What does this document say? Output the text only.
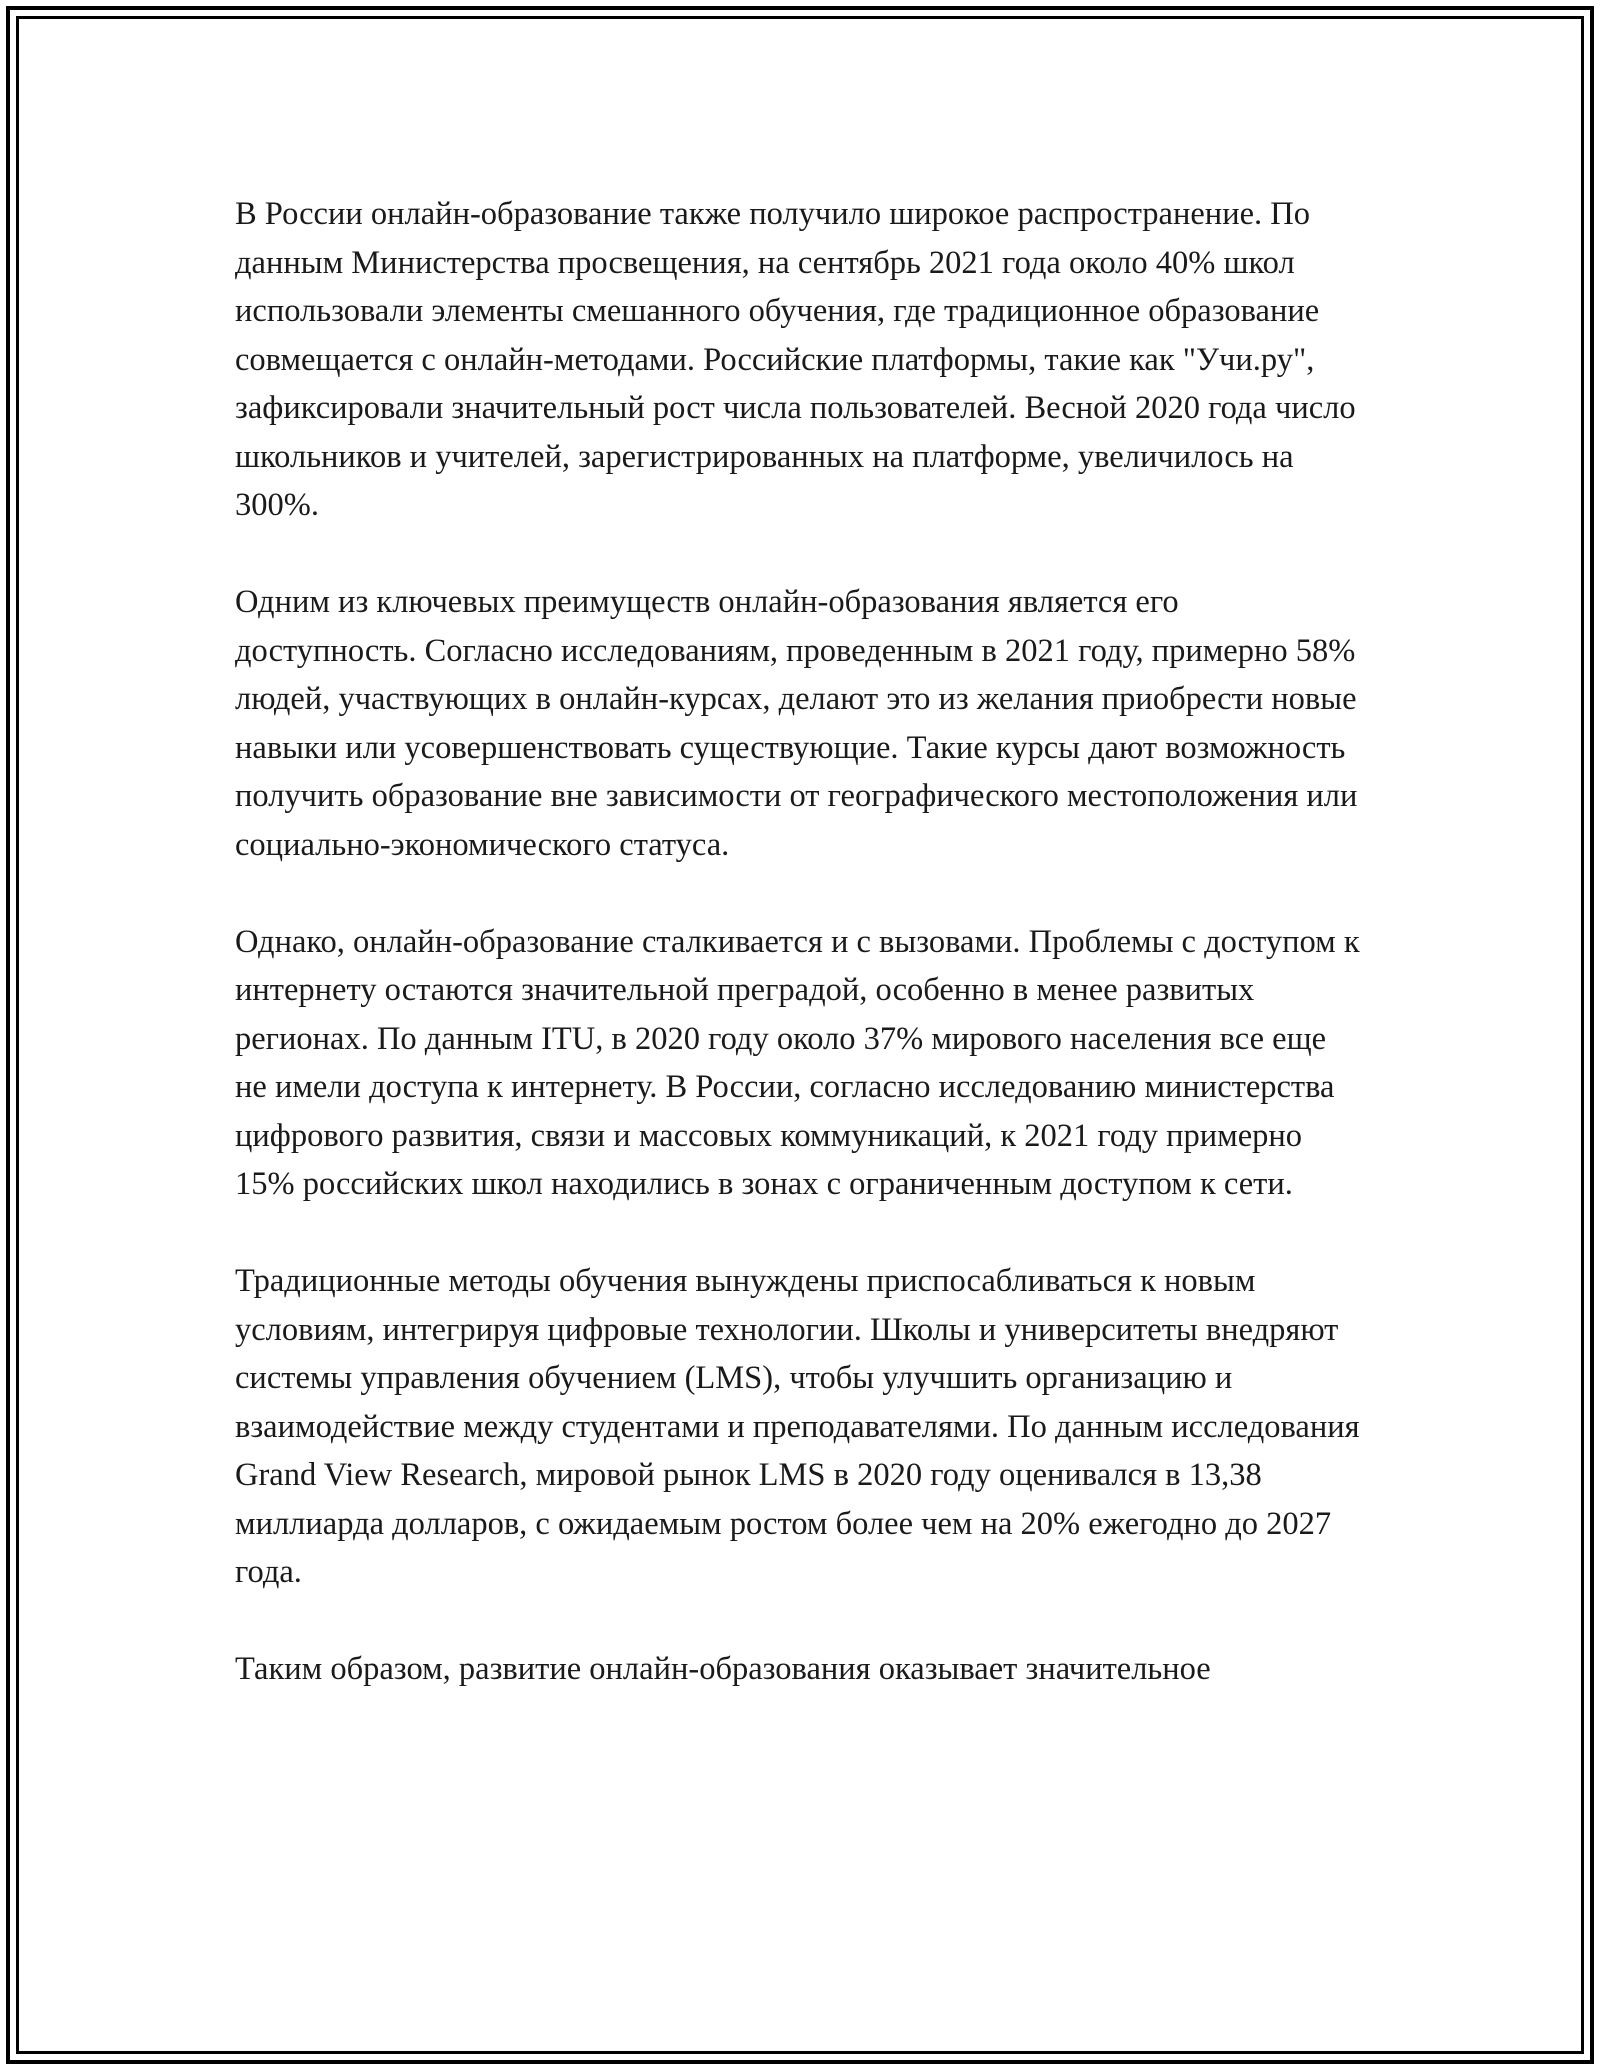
В России онлайн-образование также получило широкое распространение. По данным Министерства просвещения, на сентябрь 2021 года около 40% школ использовали элементы смешанного обучения, где традиционное образование совмещается с онлайн-методами. Российские платформы, такие как "Учи.ру", зафиксировали значительный рост числа пользователей. Весной 2020 года число школьников и учителей, зарегистрированных на платформе, увеличилось на 300%.

Одним из ключевых преимуществ онлайн-образования является его доступность. Согласно исследованиям, проведенным в 2021 году, примерно 58% людей, участвующих в онлайн-курсах, делают это из желания приобрести новые навыки или усовершенствовать существующие. Такие курсы дают возможность получить образование вне зависимости от географического местоположения или социально-экономического статуса.

Однако, онлайн-образование сталкивается и с вызовами. Проблемы с доступом к интернету остаются значительной преградой, особенно в менее развитых регионах. По данным ITU, в 2020 году около 37% мирового населения все еще не имели доступа к интернету. В России, согласно исследованию министерства цифрового развития, связи и массовых коммуникаций, к 2021 году примерно 15% российских школ находились в зонах с ограниченным доступом к сети.

Традиционные методы обучения вынуждены приспосабливаться к новым условиям, интегрируя цифровые технологии. Школы и университеты внедряют системы управления обучением (LMS), чтобы улучшить организацию и взаимодействие между студентами и преподавателями. По данным исследования Grand View Research, мировой рынок LMS в 2020 году оценивался в 13,38 миллиарда долларов, с ожидаемым ростом более чем на 20% ежегодно до 2027 года.

Таким образом, развитие онлайн-образования оказывает значительное
